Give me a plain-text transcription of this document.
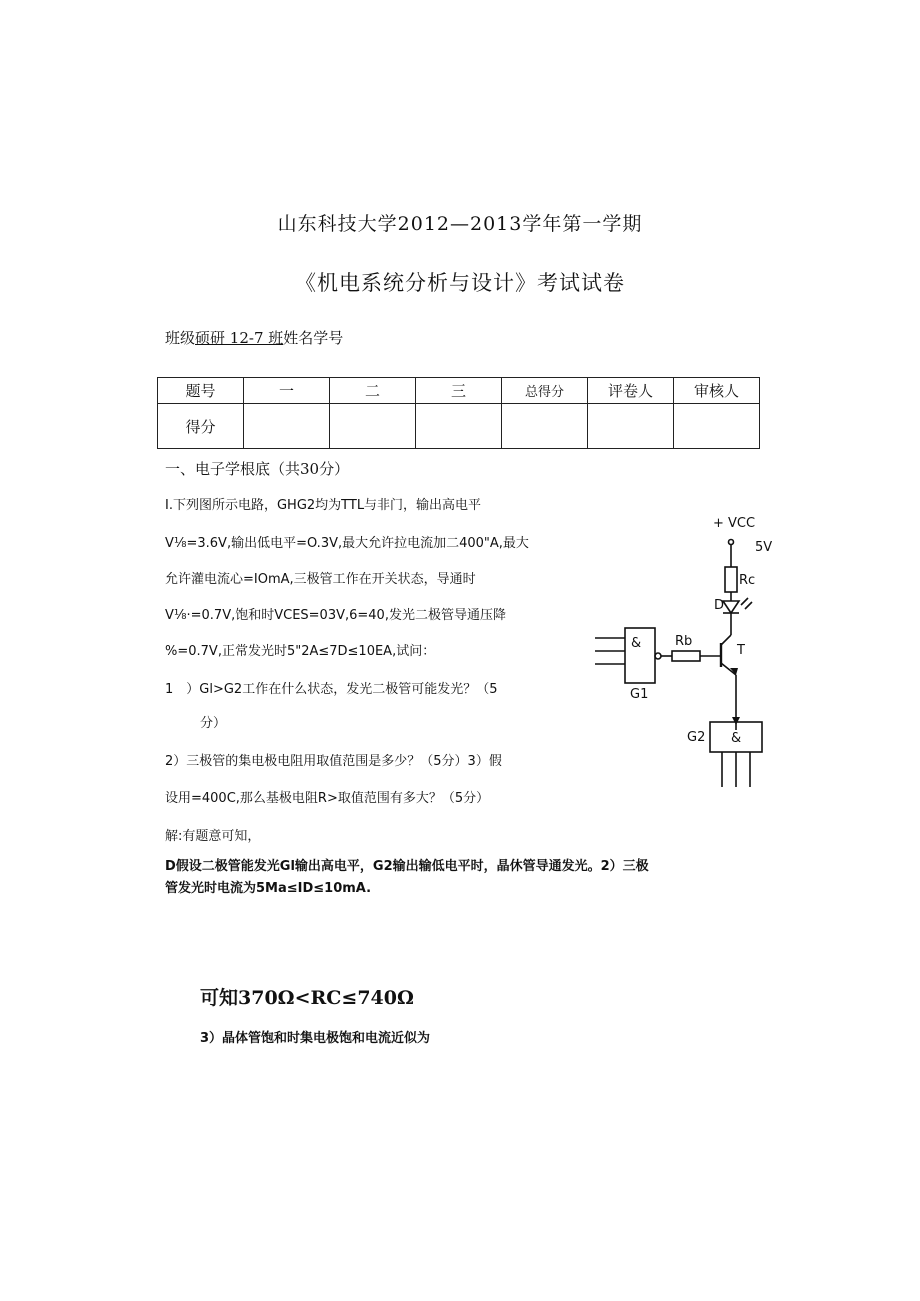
山东科技大学2012—2013学年第一学期
《机电系统分析与设计》考试试卷
班级硕研 12-7 班姓名学号
题号	一	二	三	总得分	评卷人	审核人
得分						
一、电子学根底（共30分）
I.下列图所示电路，GHG2均为TTL与非门，输出高电平
V⅛=3.6V,输出低电平=O.3V,最大允许拉电流加二400"A,最大
允许灌电流心=IOmA,三极管工作在开关状态，导通时
V⅛·=0.7V,饱和时VCES=03V,6=40,发光二极管导通压降
%=0.7V,正常发光时5"2A≤7D≤10EA,试问：
1　）Gl>G2工作在什么状态，发光二极管可能发光？（5
分）
2）三极管的集电极电阻用取值范围是多少？（5分）3）假
设用=400C,那么基极电阻R>取值范围有多大？（5分）
解:有题意可知，
D假设二极管能发光Gl输出高电平，G2输出输低电平时，晶休管导通发光。2）三极
管发光时电流为5Ma≤ID≤10mA.
可知370Ω<RC≤740Ω
3）晶体管饱和时集电极饱和电流近似为
+ VCC
5V
Rc
D
Rb
T
&
G1
G2 &
